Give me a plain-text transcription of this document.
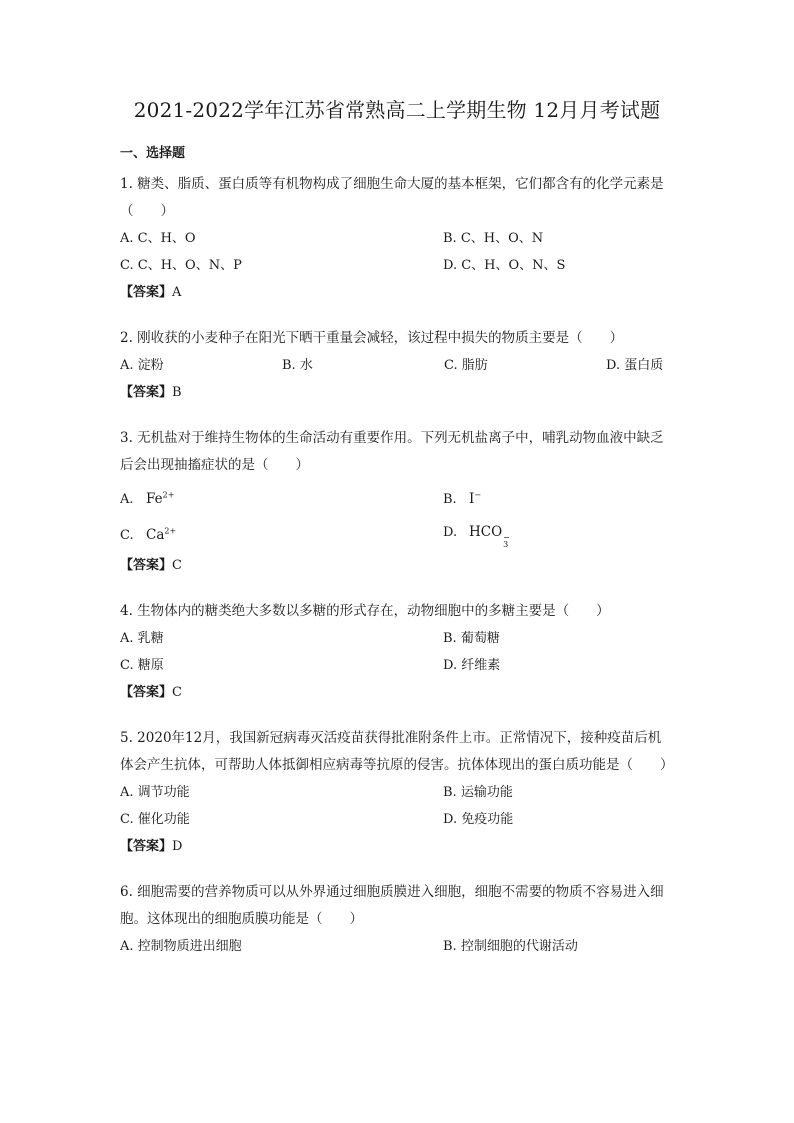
2021-2022学年江苏省常熟高二上学期生物 12月月考试题
一、选择题

1. 糖类、脂质、蛋白质等有机物构成了细胞生命大厦的基本框架，它们都含有的化学元素是（　　）

A. C、H、O	B. C、H、O、N
C. C、H、O、N、P	D. C、H、O、N、S
【答案】A

2. 刚收获的小麦种子在阳光下晒干重量会减轻，该过程中损失的物质主要是（　　）

A. 淀粉	B. 水	C. 脂肪	D. 蛋白质
【答案】B

3. 无机盐对于维持生物体的生命活动有重要作用。下列无机盐离子中，哺乳动物血液中缺乏后会出现抽搐症状的是（　　）

A. $Fe^{2+}$	B. I−
C. $Ca^{2+}$	D. HCO −
3
【答案】C

4. 生物体内的糖类绝大多数以多糖的形式存在，动物细胞中的多糖主要是（　　）

A. 乳糖	B. 葡萄糖
C. 糖原	D. 纤维素
【答案】C

5. 2020年12月，我国新冠病毒灭活疫苗获得批准附条件上市。正常情况下，接种疫苗后机体会产生抗体，可帮助人体抵御相应病毒等抗原的侵害。抗体体现出的蛋白质功能是（　　）

A. 调节功能	B. 运输功能
C. 催化功能	D. 免疫功能
【答案】D

6. 细胞需要的营养物质可以从外界通过细胞质膜进入细胞，细胞不需要的物质不容易进入细胞。这体现出的细胞质膜功能是（　　）

A. 控制物质进出细胞	B. 控制细胞的代谢活动
